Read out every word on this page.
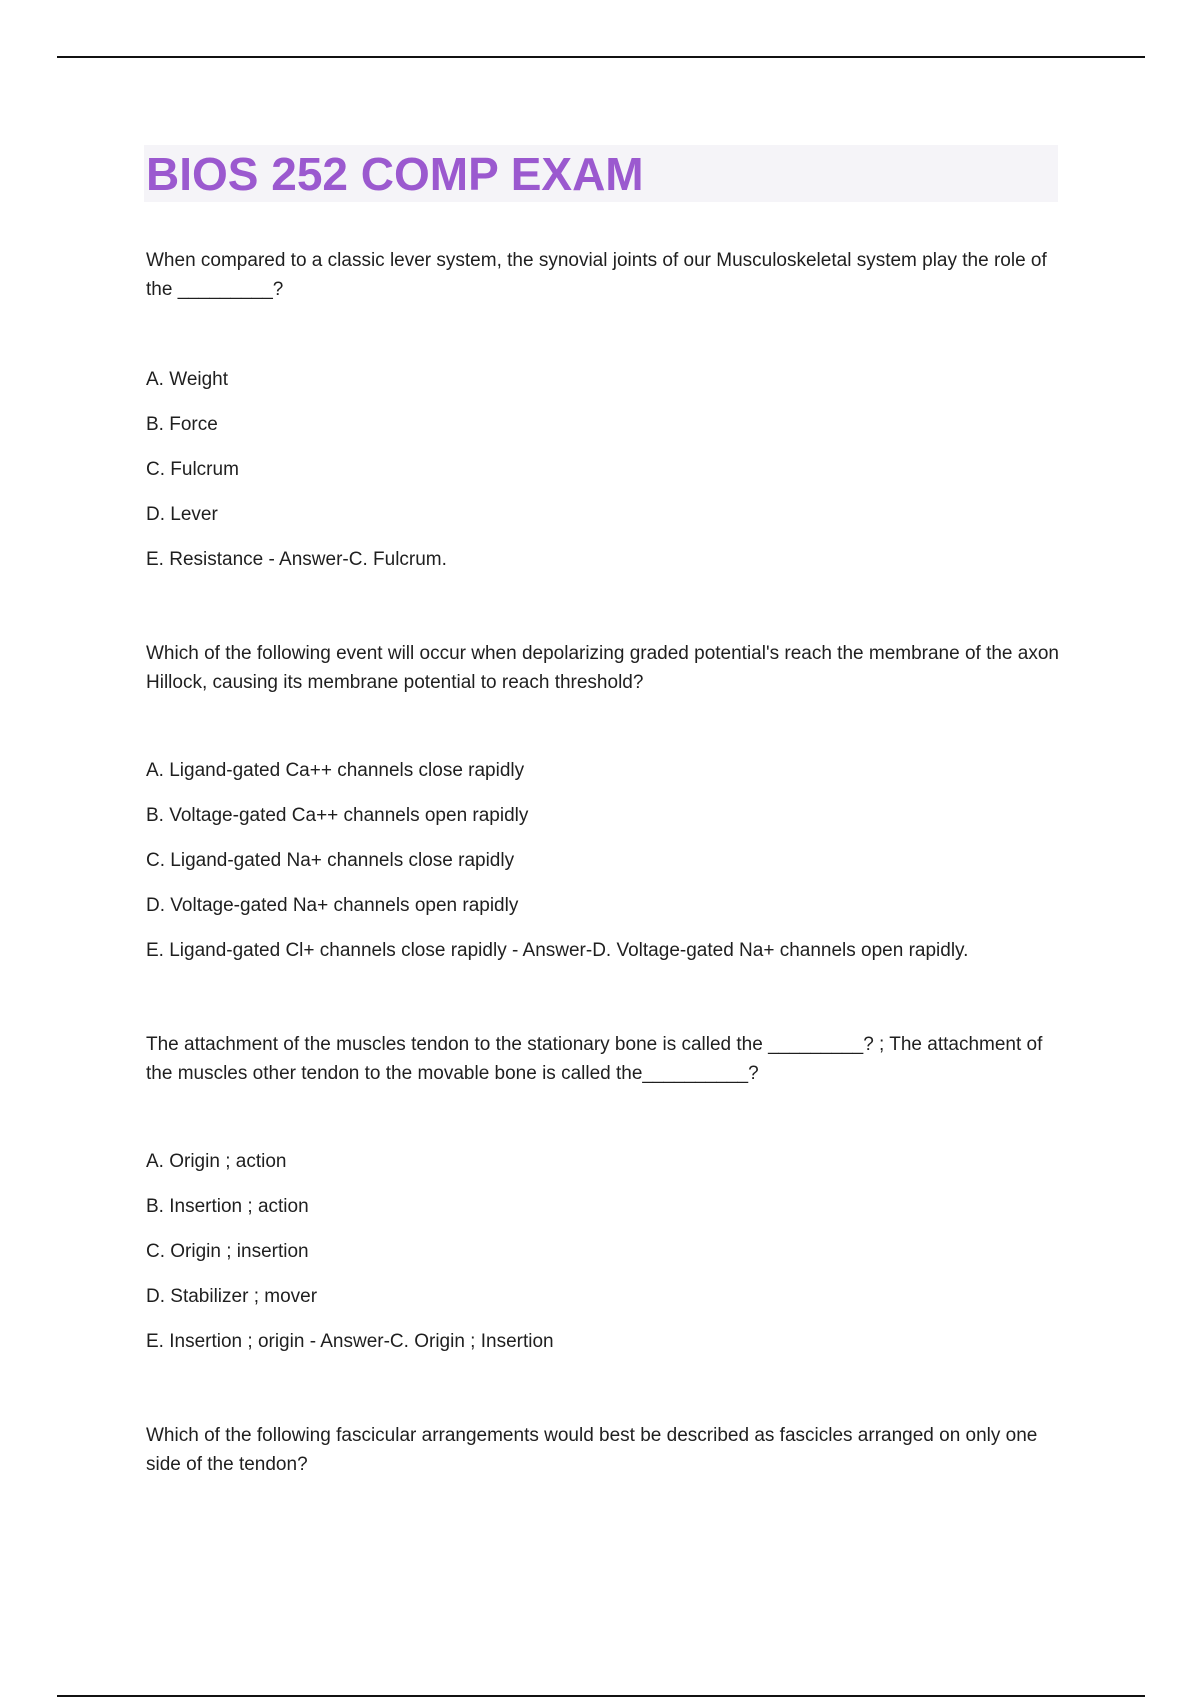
BIOS 252 COMP EXAM

When compared to a classic lever system, the synovial joints of our Musculoskeletal system play the role of the _________?

A. Weight
B. Force
C. Fulcrum
D. Lever
E. Resistance - Answer-C. Fulcrum.

Which of the following event will occur when depolarizing graded potential's reach the membrane of the axon Hillock, causing its membrane potential to reach threshold?

A. Ligand-gated Ca++ channels close rapidly
B. Voltage-gated Ca++ channels open rapidly
C. Ligand-gated Na+ channels close rapidly
D. Voltage-gated Na+ channels open rapidly
E. Ligand-gated Cl+ channels close rapidly - Answer-D. Voltage-gated Na+ channels open rapidly.

The attachment of the muscles tendon to the stationary bone is called the _________? ; The attachment of the muscles other tendon to the movable bone is called the__________?

A. Origin ; action
B. Insertion ; action
C. Origin ; insertion
D. Stabilizer ; mover
E. Insertion ; origin - Answer-C. Origin ; Insertion

Which of the following fascicular arrangements would best be described as fascicles arranged on only one side of the tendon?
